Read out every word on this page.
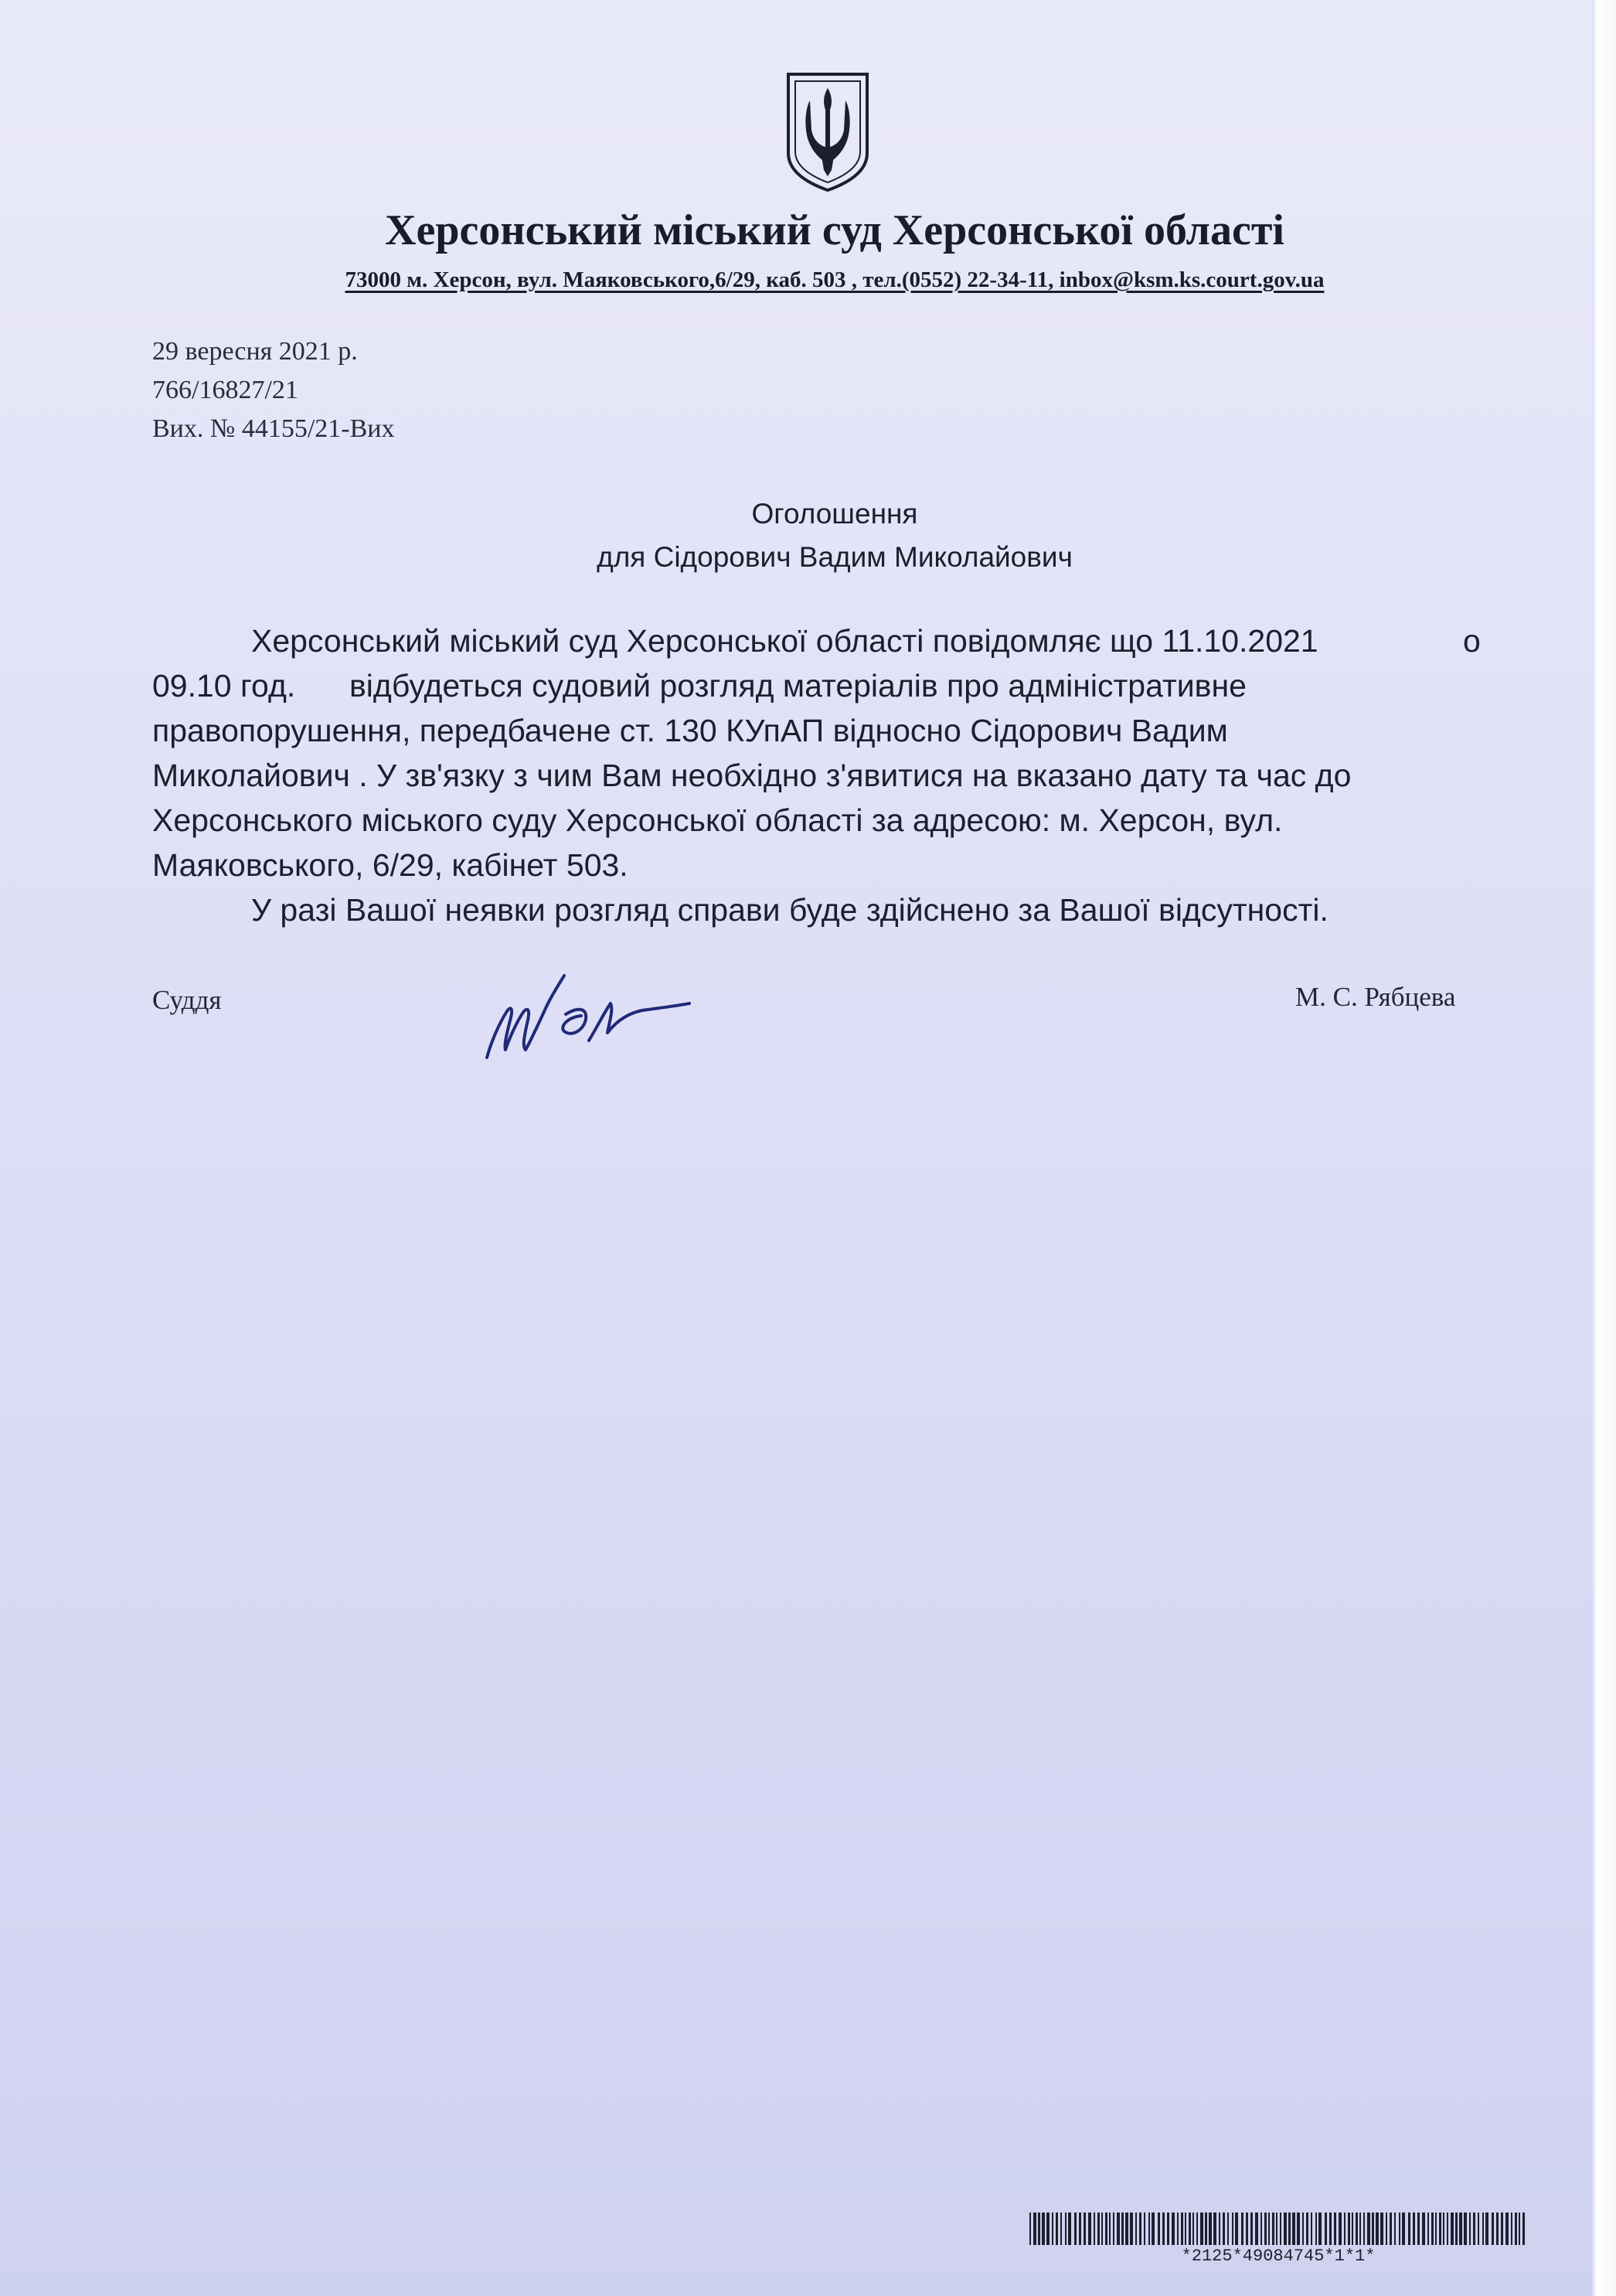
Херсонський міський суд Херсонської області
73000 м. Херсон, вул. Маяковського,6/29, каб. 503 , тел.(0552) 22-34-11, inbox@ksm.ks.court.gov.ua
29 вересня 2021 р.
766/16827/21
Вих. № 44155/21-Вих
Оголошення
для Сідорович Вадим Миколайович
Херсонський міський суд Херсонської області повідомляє що 11.10.2021	о
09.10 год. відбудеться судовий розгляд матеріалів про адміністративне
правопорушення, передбачене ст. 130 КУпАП відносно Сідорович Вадим
Миколайович . У зв'язку з чим Вам необхідно з'явитися на вказано дату та час до
Херсонського міського суду Херсонської області за адресою: м. Херсон, вул.
Маяковського, 6/29, кабінет 503.
У разі Вашої неявки розгляд справи буде здійснено за Вашої відсутності.
Суддя	М. С. Рябцева
*2125*49084745*1*1*
